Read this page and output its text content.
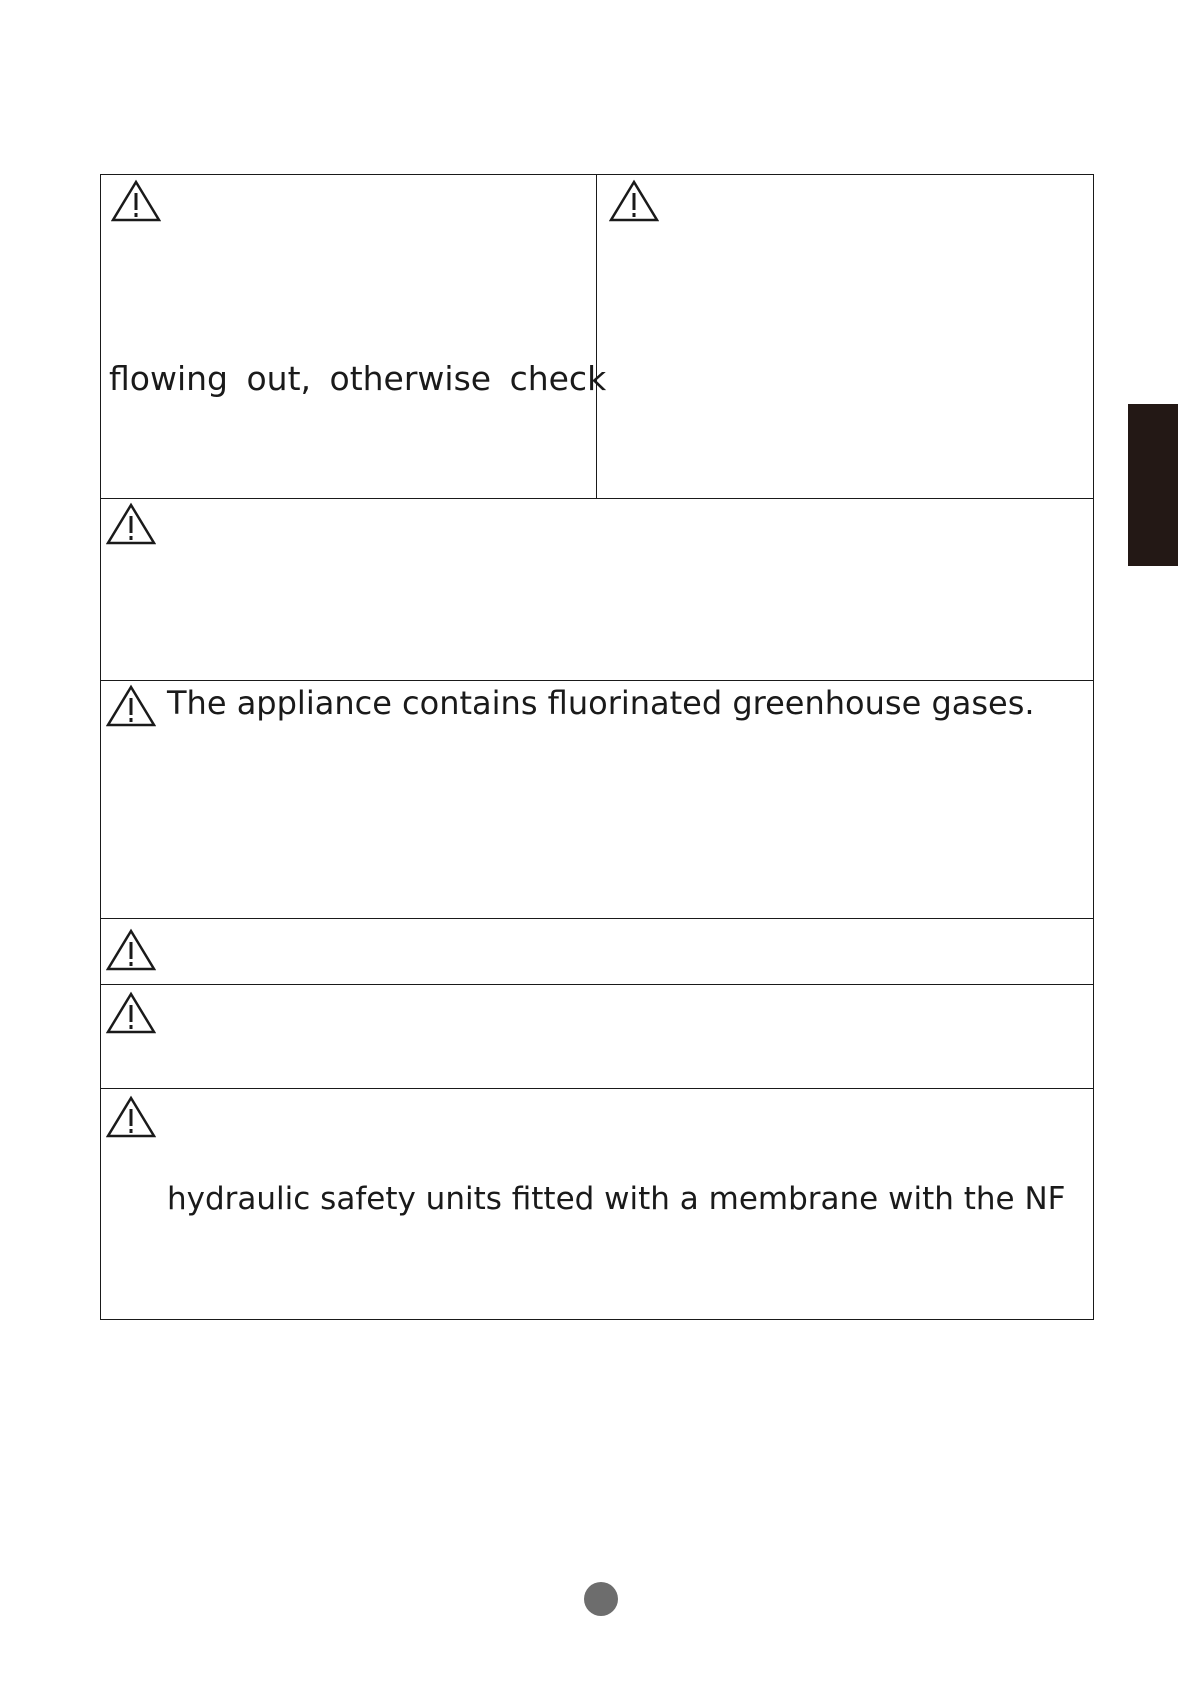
flowing out, otherwise check
The appliance contains fluorinated greenhouse gases.
hydraulic safety units fitted with a membrane with the NF
